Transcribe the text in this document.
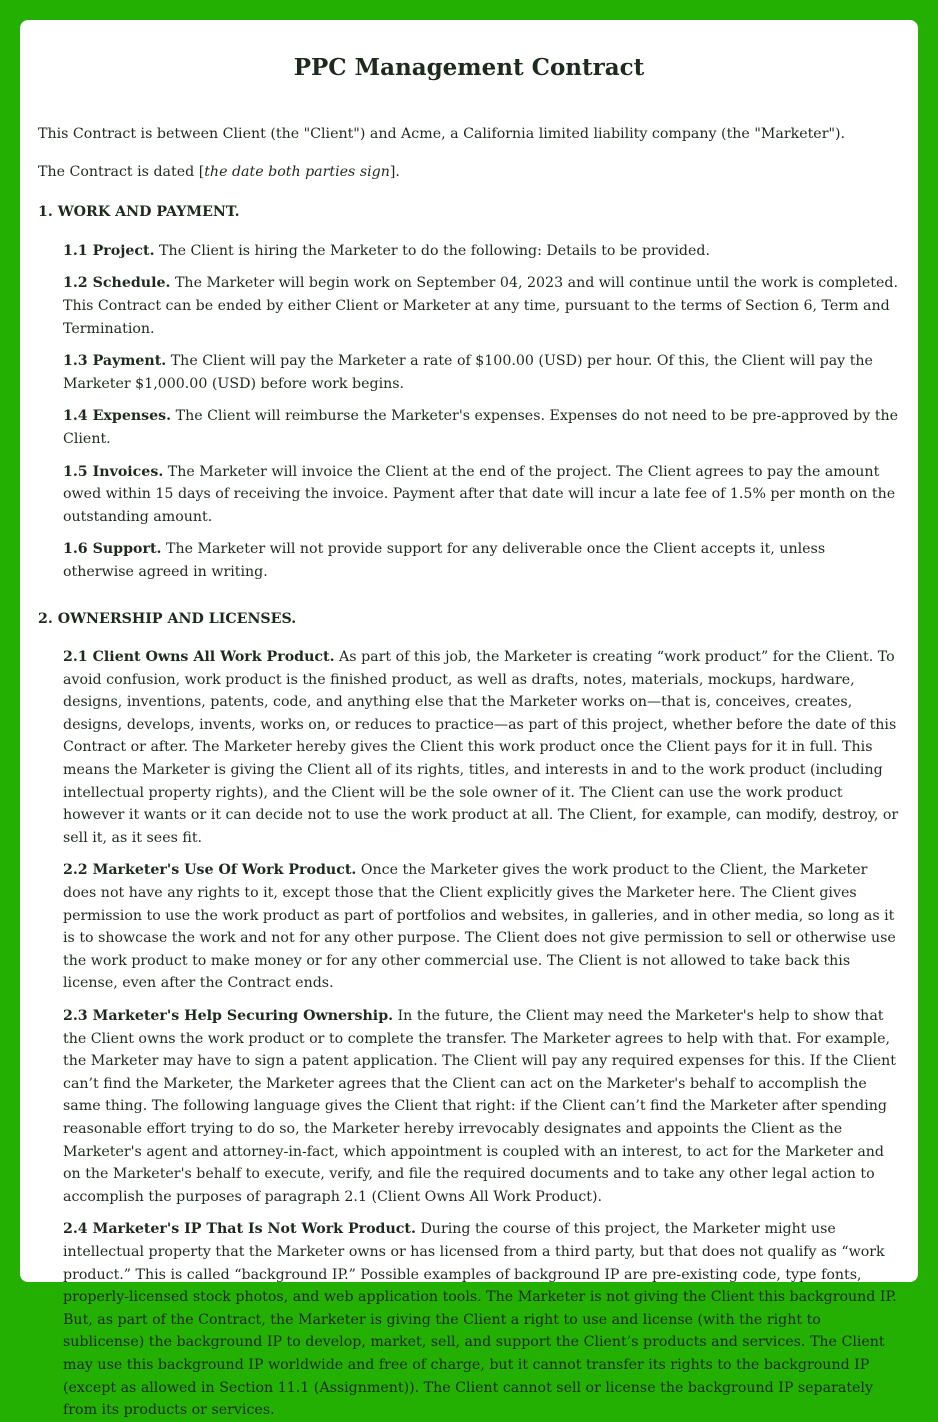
PPC Management Contract

This Contract is between Client (the "Client") and Acme, a California limited liability company (the "Marketer").

The Contract is dated [the date both parties sign].

1. WORK AND PAYMENT.

1.1 Project. The Client is hiring the Marketer to do the following: Details to be provided.

1.2 Schedule. The Marketer will begin work on September 04, 2023 and will continue until the work is completed. This Contract can be ended by either Client or Marketer at any time, pursuant to the terms of Section 6, Term and Termination.

1.3 Payment. The Client will pay the Marketer a rate of $100.00 (USD) per hour. Of this, the Client will pay the Marketer $1,000.00 (USD) before work begins.

1.4 Expenses. The Client will reimburse the Marketer's expenses. Expenses do not need to be pre-approved by the Client.

1.5 Invoices. The Marketer will invoice the Client at the end of the project. The Client agrees to pay the amount owed within 15 days of receiving the invoice. Payment after that date will incur a late fee of 1.5% per month on the outstanding amount.

1.6 Support. The Marketer will not provide support for any deliverable once the Client accepts it, unless otherwise agreed in writing.

2. OWNERSHIP AND LICENSES.

2.1 Client Owns All Work Product. As part of this job, the Marketer is creating “work product” for the Client. To avoid confusion, work product is the finished product, as well as drafts, notes, materials, mockups, hardware, designs, inventions, patents, code, and anything else that the Marketer works on—that is, conceives, creates, designs, develops, invents, works on, or reduces to practice—as part of this project, whether before the date of this Contract or after. The Marketer hereby gives the Client this work product once the Client pays for it in full. This means the Marketer is giving the Client all of its rights, titles, and interests in and to the work product (including intellectual property rights), and the Client will be the sole owner of it. The Client can use the work product however it wants or it can decide not to use the work product at all. The Client, for example, can modify, destroy, or sell it, as it sees fit.

2.2 Marketer's Use Of Work Product. Once the Marketer gives the work product to the Client, the Marketer does not have any rights to it, except those that the Client explicitly gives the Marketer here. The Client gives permission to use the work product as part of portfolios and websites, in galleries, and in other media, so long as it is to showcase the work and not for any other purpose. The Client does not give permission to sell or otherwise use the work product to make money or for any other commercial use. The Client is not allowed to take back this license, even after the Contract ends.

2.3 Marketer's Help Securing Ownership. In the future, the Client may need the Marketer's help to show that the Client owns the work product or to complete the transfer. The Marketer agrees to help with that. For example, the Marketer may have to sign a patent application. The Client will pay any required expenses for this. If the Client can’t find the Marketer, the Marketer agrees that the Client can act on the Marketer's behalf to accomplish the same thing. The following language gives the Client that right: if the Client can’t find the Marketer after spending reasonable effort trying to do so, the Marketer hereby irrevocably designates and appoints the Client as the Marketer's agent and attorney-in-fact, which appointment is coupled with an interest, to act for the Marketer and on the Marketer's behalf to execute, verify, and file the required documents and to take any other legal action to accomplish the purposes of paragraph 2.1 (Client Owns All Work Product).

2.4 Marketer's IP That Is Not Work Product. During the course of this project, the Marketer might use intellectual property that the Marketer owns or has licensed from a third party, but that does not qualify as “work product.” This is called “background IP.” Possible examples of background IP are pre-existing code, type fonts, properly-licensed stock photos, and web application tools. The Marketer is not giving the Client this background IP. But, as part of the Contract, the Marketer is giving the Client a right to use and license (with the right to sublicense) the background IP to develop, market, sell, and support the Client’s products and services. The Client may use this background IP worldwide and free of charge, but it cannot transfer its rights to the background IP (except as allowed in Section 11.1 (Assignment)). The Client cannot sell or license the background IP separately from its products or services.
